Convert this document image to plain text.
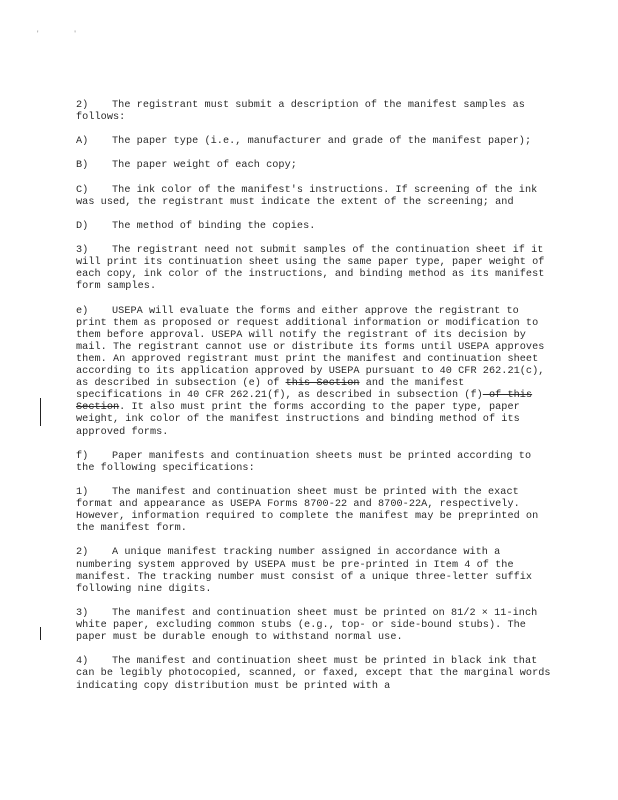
'	'

2) The registrant must submit a description of the manifest samples as follows:

A) The paper type (i.e., manufacturer and grade of the manifest paper);

B) The paper weight of each copy;

C) The ink color of the manifest's instructions. If screening of the ink was used, the registrant must indicate the extent of the screening; and

D) The method of binding the copies.

3) The registrant need not submit samples of the continuation sheet if it will print its continuation sheet using the same paper type, paper weight of each copy, ink color of the instructions, and binding method as its manifest form samples.

e) USEPA will evaluate the forms and either approve the registrant to print them as proposed or request additional information or modification to them before approval. USEPA will notify the registrant of its decision by mail. The registrant cannot use or distribute its forms until USEPA approves them. An approved registrant must print the manifest and continuation sheet according to its application approved by USEPA pursuant to 40 CFR 262.21(c), as described in subsection (e) of this Section and the manifest specifications in 40 CFR 262.21(f), as described in subsection (f) of this Section. It also must print the forms according to the paper type, paper weight, ink color of the manifest instructions and binding method of its approved forms.

f) Paper manifests and continuation sheets must be printed according to the following specifications:

1) The manifest and continuation sheet must be printed with the exact format and appearance as USEPA Forms 8700-22 and 8700-22A, respectively. However, information required to complete the manifest may be preprinted on the manifest form.

2) A unique manifest tracking number assigned in accordance with a numbering system approved by USEPA must be pre-printed in Item 4 of the manifest. The tracking number must consist of a unique three-letter suffix following nine digits.

3) The manifest and continuation sheet must be printed on 81/2 × 11-inch white paper, excluding common stubs (e.g., top- or side-bound stubs). The paper must be durable enough to withstand normal use.

4) The manifest and continuation sheet must be printed in black ink that can be legibly photocopied, scanned, or faxed, except that the marginal words indicating copy distribution must be printed with a
